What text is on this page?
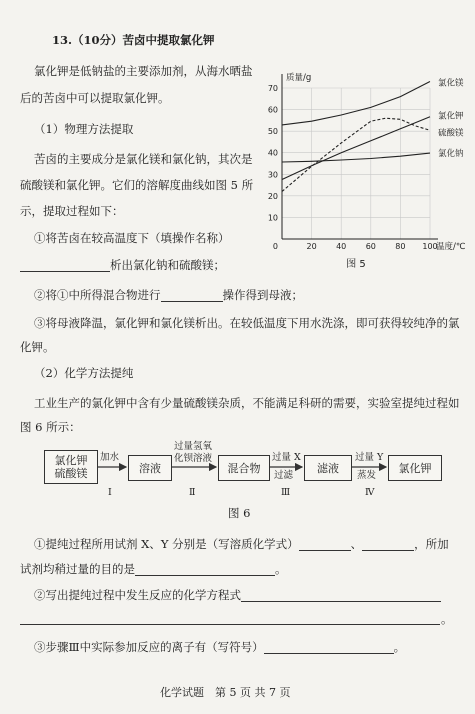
13.（10分）苦卤中提取氯化钾
氯化钾是低钠盐的主要添加剂，从海水晒盐
后的苦卤中可以提取氯化钾。
（1）物理方法提取
苦卤的主要成分是氯化镁和氯化钠，其次是
硫酸镁和氯化钾。它们的溶解度曲线如图 5 所
示，提取过程如下：
①将苦卤在较高温度下（填操作名称）
析出氯化钠和硫酸镁；
②将①中所得混合物进行	操作得到母液；
③将母液降温，氯化钾和氯化镁析出。在较低温度下用水洗涤，即可获得较纯净的氯
化钾。
（2）化学方法提纯
工业生产的氯化钾中含有少量硫酸镁杂质，不能满足科研的需要，实验室提纯过程如
图 6 所示：
10
20
30
40
50
60
70
0	20 40 60 80 100
质量/g
温度/℃
氯化镁
氯化钾
硫酸镁
氯化钠
图 5
氯化钾
硫酸镁	溶液	混合物	滤液	氯化钾
加水
过量氢氧
化钡溶液	过量 X
过滤
过量 Y
蒸发
Ⅰ	Ⅱ	Ⅲ	Ⅳ
图 6
①提纯过程所用试剂 X、Y 分别是（写溶质化学式）	、	，所加
试剂均稍过量的目的是	。
②写出提纯过程中发生反应的化学方程式
。
③步骤Ⅲ中实际参加反应的离子有（写符号）	。
化学试题　第 5 页 共 7 页
